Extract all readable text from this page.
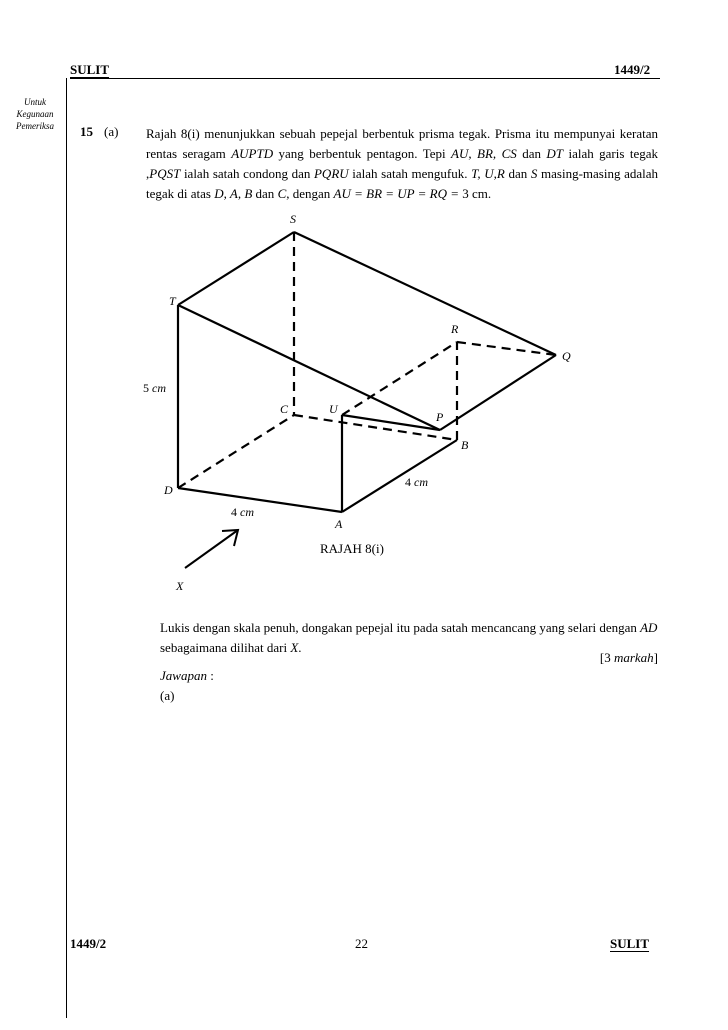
SULIT	1449/2
Untuk
Kegunaan
Pemeriksa	15 (a) Rajah 8(i) menunjukkan sebuah pepejal berbentuk prisma tegak. Prisma itu mempunyai keratan rentas seragam AUPTD yang berbentuk pentagon. Tepi AU, BR, CS dan DT ialah garis tegak ,PQST ialah satah condong dan PQRU ialah satah mengufuk. T, U,R dan S masing-masing adalah tegak di atas D, A, B dan C, dengan AU = BR = UP = RQ = 3 cm.

S
T
R
Q
C	U
P
B
D
A
X
5 cm
4 cm
4 cm
RAJAH 8(i)

Lukis dengan skala penuh, dongakan pepejal itu pada satah mencancang yang selari dengan AD sebagaimana dilihat dari X.

[3 markah]
Jawapan :
(a)
1449/2	22	SULIT
